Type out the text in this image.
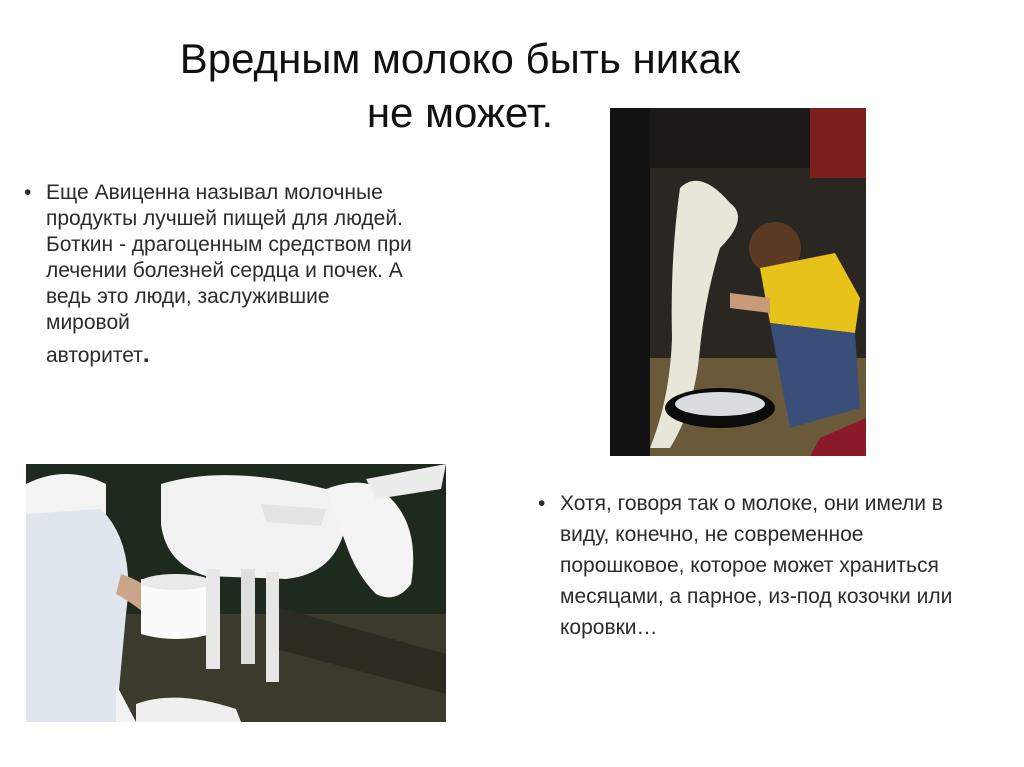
Вредным молоко быть никак
не может.
• Еще Авиценна называл молочные продукты лучшей пищей для людей. Боткин - драгоценным средством при лечении болезней сердца и почек. А ведь это люди, заслужившие мировой
авторитет.
• Хотя, говоря так о молоке, они имели в виду, конечно, не современное порошковое, которое может храниться месяцами, а парное, из-под козочки или коровки…
